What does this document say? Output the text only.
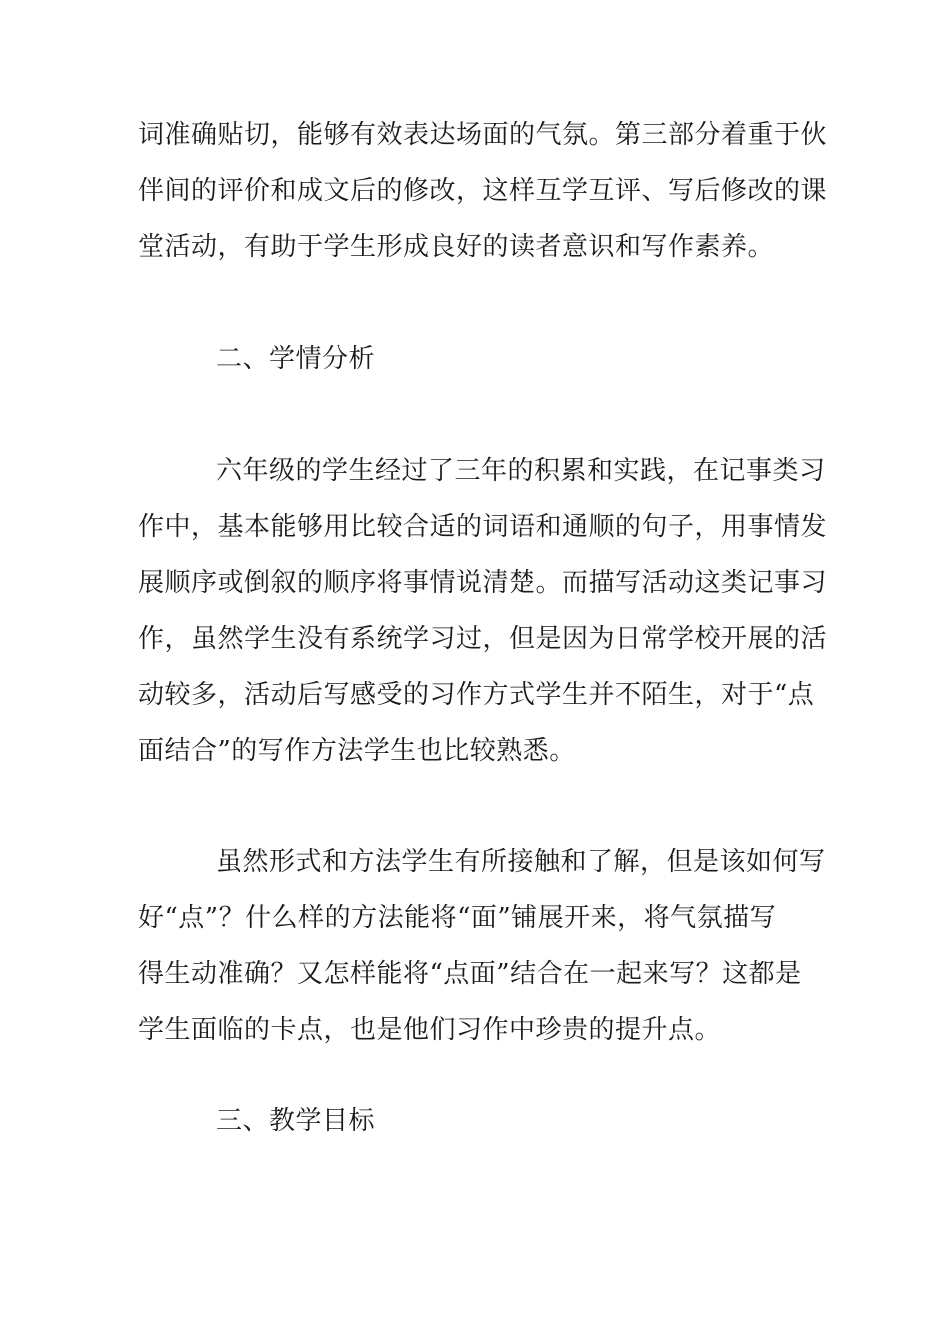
词准确贴切，能够有效表达场面的气氛。第三部分着重于伙
伴间的评价和成文后的修改，这样互学互评、写后修改的课
堂活动，有助于学生形成良好的读者意识和写作素养。
二、学情分析
六年级的学生经过了三年的积累和实践，在记事类习
作中，基本能够用比较合适的词语和通顺的句子，用事情发
展顺序或倒叙的顺序将事情说清楚。而描写活动这类记事习
作，虽然学生没有系统学习过，但是因为日常学校开展的活
动较多，活动后写感受的习作方式学生并不陌生，对于“点
面结合”的写作方法学生也比较熟悉。
虽然形式和方法学生有所接触和了解，但是该如何写
好“点”？什么样的方法能将“面”铺展开来，将气氛描写
得生动准确？又怎样能将“点面”结合在一起来写？这都是
学生面临的卡点，也是他们习作中珍贵的提升点。
三、教学目标
